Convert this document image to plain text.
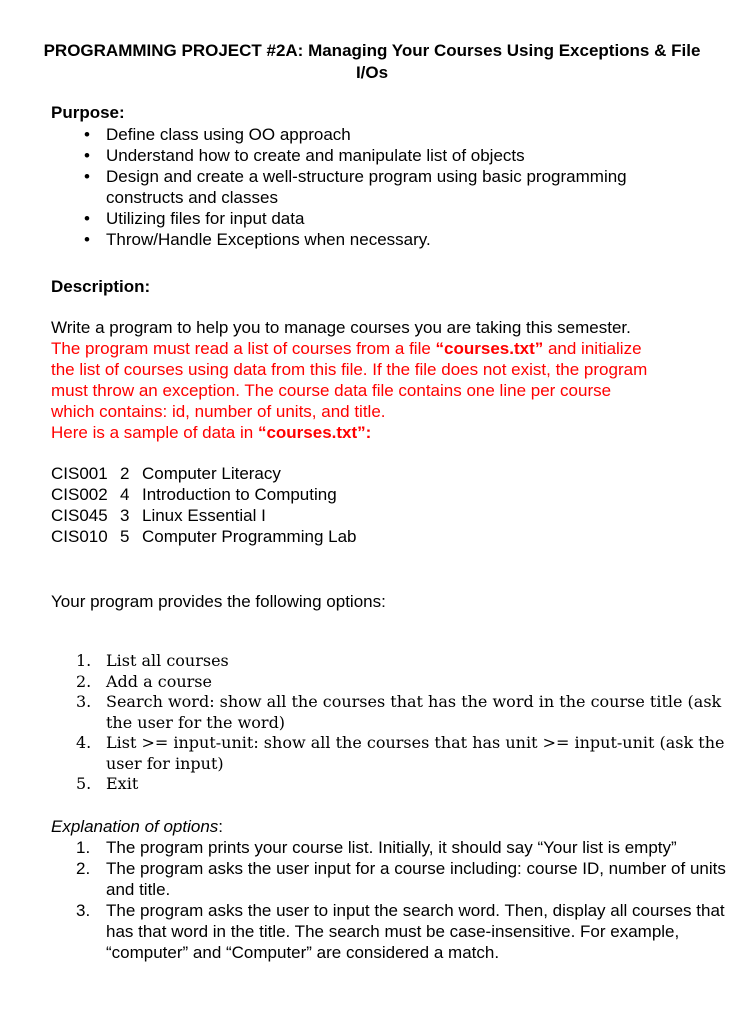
PROGRAMMING PROJECT #2A: Managing Your Courses Using Exceptions & File I/Os
Purpose:
• Define class using OO approach
• Understand how to create and manipulate list of objects
• Design and create a well-structure program using basic programming constructs and classes
• Utilizing files for input data
• Throw/Handle Exceptions when necessary.
Description:
Write a program to help you to manage courses you are taking this semester.
The program must read a list of courses from a file “courses.txt” and initialize
the list of courses using data from this file. If the file does not exist, the program
must throw an exception. The course data file contains one line per course
which contains: id, number of units, and title.
Here is a sample of data in “courses.txt”:
CIS001	2	Computer Literacy
CIS002	4	Introduction to Computing
CIS045	3	Linux Essential I
CIS010	5	Computer Programming Lab
Your program provides the following options:
1. List all courses
2. Add a course
3. Search word: show all the courses that has the word in the course title (ask the user for the word)
4. List >= input-unit: show all the courses that has unit >= input-unit (ask the user for input)
5. Exit
Explanation of options:
1. The program prints your course list. Initially, it should say “Your list is empty”
2. The program asks the user input for a course including: course ID, number of units and title.
3. The program asks the user to input the search word. Then, display all courses that has that word in the title. The search must be case-insensitive. For example, “computer” and “Computer” are considered a match.
